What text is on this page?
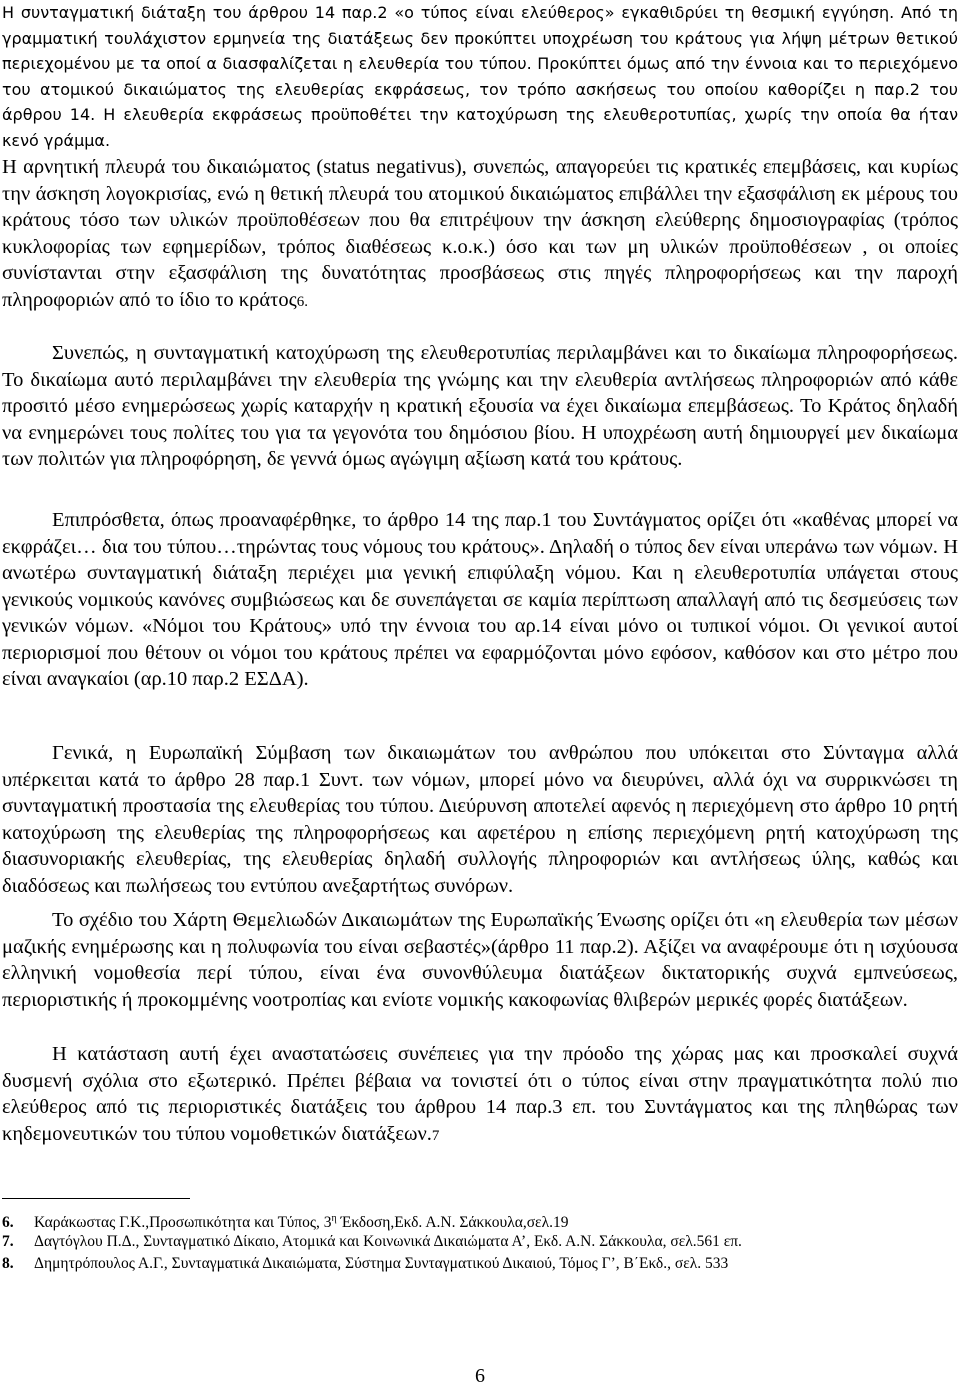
Η συνταγματική διάταξη του άρθρου 14 παρ.2 «ο τύπος είναι ελεύθερος» εγκαθιδρύει τη θεσμική εγγύηση. Από τη γραμματική τουλάχιστον ερμηνεία της διατάξεως δεν προκύπτει υποχρέωση του κράτους για λήψη μέτρων θετικού περιεχομένου με τα οποί α διασφαλίζεται η ελευθερία του τύπου. Προκύπτει όμως από την έννοια και το περιεχόμενο του ατομικού δικαιώματος της ελευθερίας εκφράσεως, τον τρόπο ασκήσεως του οποίου καθορίζει η παρ.2 του άρθρου 14. Η ελευθερία εκφράσεως προϋποθέτει την κατοχύρωση της ελευθεροτυπίας, χωρίς την οποία θα ήταν κενό γράμμα.

Η αρνητική πλευρά του δικαιώματος (status negativus), συνεπώς, απαγορεύει τις κρατικές επεμβάσεις, και κυρίως την άσκηση λογοκρισίας, ενώ η θετική πλευρά του ατομικού δικαιώματος επιβάλλει την εξασφάλιση εκ μέρους του κράτους τόσο των υλικών προϋποθέσεων που θα επιτρέψουν την άσκηση ελεύθερης δημοσιογραφίας (τρόπος κυκλοφορίας των εφημερίδων, τρόπος διαθέσεως κ.ο.κ.) όσο και των μη υλικών προϋποθέσεων , οι οποίες συνίστανται στην εξασφάλιση της δυνατότητας προσβάσεως στις πηγές πληροφορήσεως και την παροχή πληροφοριών από το ίδιο το κράτος6.

Συνεπώς, η συνταγματική κατοχύρωση της ελευθεροτυπίας περιλαμβάνει και το δικαίωμα πληροφορήσεως. Το δικαίωμα αυτό περιλαμβάνει την ελευθερία της γνώμης και την ελευθερία αντλήσεως πληροφοριών από κάθε προσιτό μέσο ενημερώσεως χωρίς καταρχήν η κρατική εξουσία να έχει δικαίωμα επεμβάσεως. Το Κράτος δηλαδή να ενημερώνει τους πολίτες του για τα γεγονότα του δημόσιου βίου. Η υποχρέωση αυτή δημιουργεί μεν δικαίωμα των πολιτών για πληροφόρηση, δε γεννά όμως αγώγιμη αξίωση κατά του κράτους.

Επιπρόσθετα, όπως προαναφέρθηκε, το άρθρο 14 της παρ.1 του Συντάγματος ορίζει ότι «καθένας μπορεί να εκφράζει… δια του τύπου…τηρώντας τους νόμους του κράτους». Δηλαδή ο τύπος δεν είναι υπεράνω των νόμων. Η ανωτέρω συνταγματική διάταξη περιέχει μια γενική επιφύλαξη νόμου. Και η ελευθεροτυπία υπάγεται στους γενικούς νομικούς κανόνες συμβιώσεως και δε συνεπάγεται σε καμία περίπτωση απαλλαγή από τις δεσμεύσεις των γενικών νόμων. «Νόμοι του Κράτους» υπό την έννοια του αρ.14 είναι μόνο οι τυπικοί νόμοι. Οι γενικοί αυτοί περιορισμοί που θέτουν οι νόμοι του κράτους πρέπει να εφαρμόζονται μόνο εφόσον, καθόσον και στο μέτρο που είναι αναγκαίοι (αρ.10 παρ.2 ΕΣΔΑ).

Γενικά, η Ευρωπαϊκή Σύμβαση των δικαιωμάτων του ανθρώπου που υπόκειται στο Σύνταγμα αλλά υπέρκειται κατά το άρθρο 28 παρ.1 Συντ. των νόμων, μπορεί μόνο να διευρύνει, αλλά όχι να συρρικνώσει τη συνταγματική προστασία της ελευθερίας του τύπου. Διεύρυνση αποτελεί αφενός η περιεχόμενη στο άρθρο 10 ρητή κατοχύρωση της ελευθερίας της πληροφορήσεως και αφετέρου η επίσης περιεχόμενη ρητή κατοχύρωση της διασυνοριακής ελευθερίας, της ελευθερίας δηλαδή συλλογής πληροφοριών και αντλήσεως ύλης, καθώς και διαδόσεως και πωλήσεως του εντύπου ανεξαρτήτως συνόρων.

Το σχέδιο του Χάρτη Θεμελιωδών Δικαιωμάτων της Ευρωπαϊκής Ένωσης ορίζει ότι «η ελευθερία των μέσων μαζικής ενημέρωσης και η πολυφωνία του είναι σεβαστές»(άρθρο 11 παρ.2). Αξίζει να αναφέρουμε ότι η ισχύουσα ελληνική νομοθεσία περί τύπου, είναι ένα συνονθύλευμα διατάξεων δικτατορικής συχνά εμπνεύσεως, περιοριστικής ή προκομμένης νοοτροπίας και ενίοτε νομικής κακοφωνίας θλιβερών μερικές φορές διατάξεων.

Η κατάσταση αυτή έχει αναστατώσεις συνέπειες για την πρόοδο της χώρας μας και προσκαλεί συχνά δυσμενή σχόλια στο εξωτερικό. Πρέπει βέβαια να τονιστεί ότι ο τύπος είναι στην πραγματικότητα πολύ πιο ελεύθερος από τις περιοριστικές διατάξεις του άρθρου 14 παρ.3 επ. του Συντάγματος και της πληθώρας των κηδεμονευτικών του τύπου νομοθετικών διατάξεων.7

6. Καράκωστας Γ.Κ.,Προσωπικότητα και Τύπος, $3^\eta$ Έκδοση,Εκδ. Α.Ν. Σάκκουλα,σελ.19

7. Δαγτόγλου Π.Δ., Συνταγματικό Δίκαιο, Ατομικά και Κοινωνικά Δικαιώματα Α’, Εκδ. Α.Ν. Σάκκουλα, σελ.561 επ.

8. Δημητρόπουλος Α.Γ., Συνταγματικά Δικαιώματα, Σύστημα Συνταγματικού Δικαιού, Τόμος Γ’, Β΄Εκδ., σελ. 533

6
